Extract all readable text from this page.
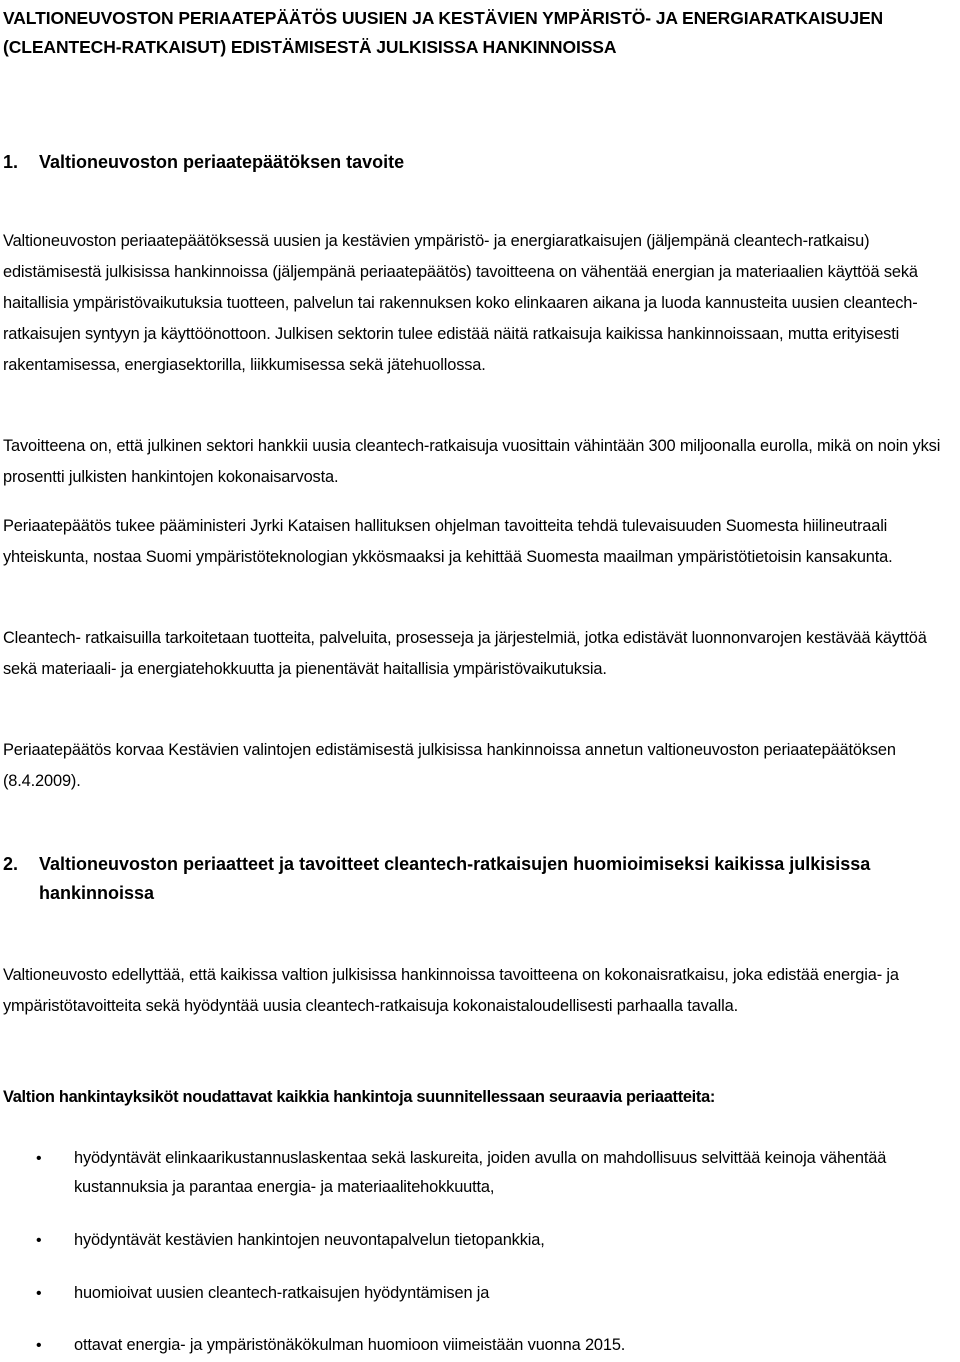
VALTIONEUVOSTON PERIAATEPÄÄTÖS UUSIEN JA KESTÄVIEN YMPÄRISTÖ- JA ENERGIARATKAISUJEN (CLEANTECH-RATKAISUT) EDISTÄMISESTÄ JULKISISSA HANKINNOISSA
1. Valtioneuvoston periaatepäätöksen tavoite

Valtioneuvoston periaatepäätöksessä uusien ja kestävien ympäristö- ja energiaratkaisujen (jäljempänä cleantech-ratkaisu) edistämisestä julkisissa hankinnoissa (jäljempänä periaatepäätös) tavoitteena on vähentää energian ja materiaalien käyttöä sekä haitallisia ympäristövaikutuksia tuotteen, palvelun tai rakennuksen koko elinkaaren aikana ja luoda kannusteita uusien cleantech- ratkaisujen syntyyn ja käyttöönottoon. Julkisen sektorin tulee edistää näitä ratkaisuja kaikissa hankinnoissaan, mutta erityisesti rakentamisessa, energiasektorilla, liikkumisessa sekä jätehuollossa.

Tavoitteena on, että julkinen sektori hankkii uusia cleantech-ratkaisuja vuosittain vähintään 300 miljoonalla eurolla, mikä on noin yksi prosentti julkisten hankintojen kokonaisarvosta.

Periaatepäätös tukee pääministeri Jyrki Kataisen hallituksen ohjelman tavoitteita tehdä tulevaisuuden Suomesta hiilineutraali yhteiskunta, nostaa Suomi ympäristöteknologian ykkösmaaksi ja kehittää Suomesta maailman ympäristötietoisin kansakunta.

Cleantech- ratkaisuilla tarkoitetaan tuotteita, palveluita, prosesseja ja järjestelmiä, jotka edistävät luonnonvarojen kestävää käyttöä sekä materiaali- ja energiatehokkuutta ja pienentävät haitallisia ympäristövaikutuksia.

Periaatepäätös korvaa Kestävien valintojen edistämisestä julkisissa hankinnoissa annetun valtioneuvoston periaatepäätöksen (8.4.2009).

2. Valtioneuvoston periaatteet ja tavoitteet cleantech-ratkaisujen huomioimiseksi kaikissa julkisissa hankinnoissa

Valtioneuvosto edellyttää, että kaikissa valtion julkisissa hankinnoissa tavoitteena on kokonaisratkaisu, joka edistää energia- ja ympäristötavoitteita sekä hyödyntää uusia cleantech-ratkaisuja kokonaistaloudellisesti parhaalla tavalla.

Valtion hankintayksiköt noudattavat kaikkia hankintoja suunnitellessaan seuraavia periaatteita:

• hyödyntävät elinkaarikustannuslaskentaa sekä laskureita, joiden avulla on mahdollisuus selvittää keinoja vähentää kustannuksia ja parantaa energia- ja materiaalitehokkuutta,
• hyödyntävät kestävien hankintojen neuvontapalvelun tietopankkia,
• huomioivat uusien cleantech-ratkaisujen hyödyntämisen ja
• ottavat energia- ja ympäristönäkökulman huomioon viimeistään vuonna 2015.
